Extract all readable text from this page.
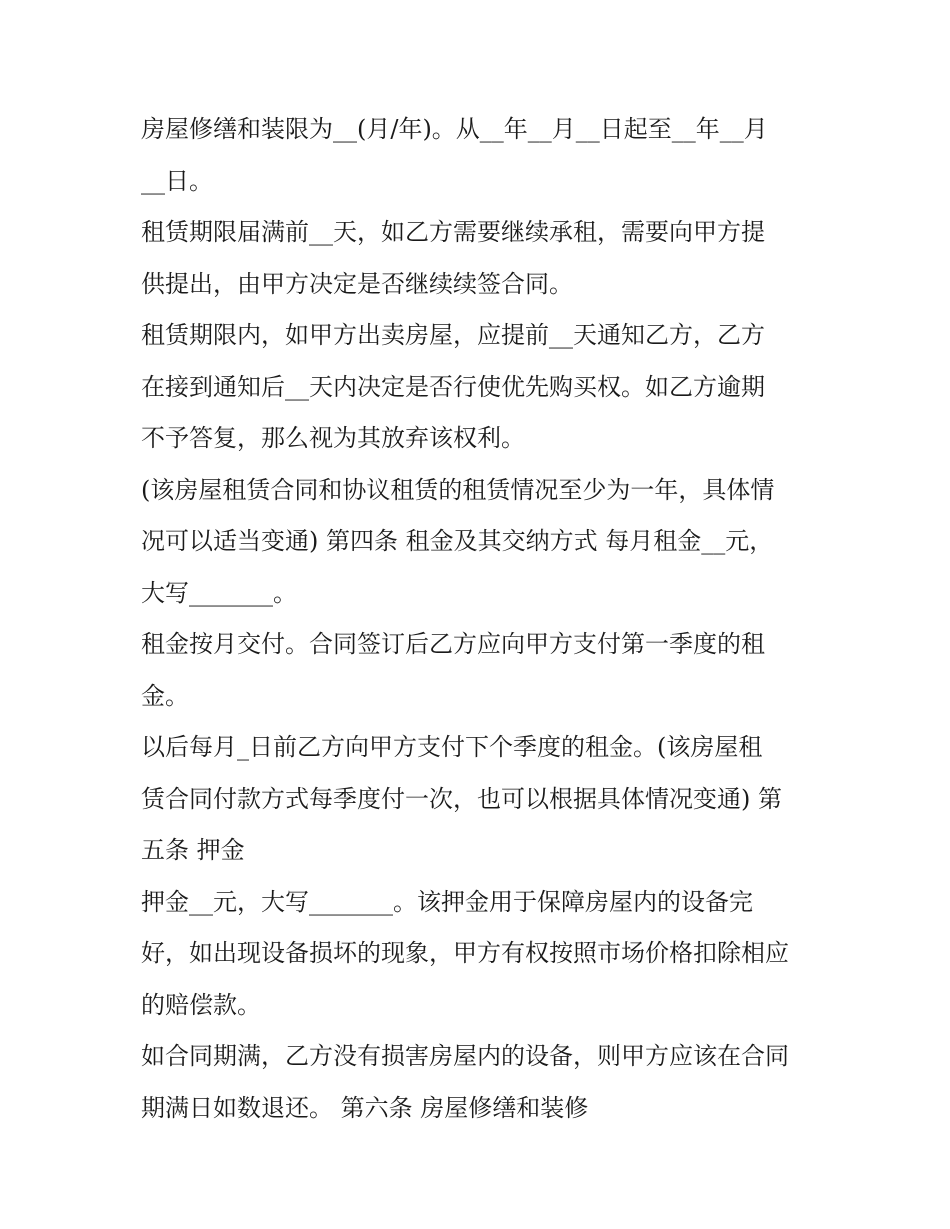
房屋修缮和装限为__(月/年)。从__年__月__日起至__年__月
__日。
租赁期限届满前__天，如乙方需要继续承租，需要向甲方提
供提出，由甲方决定是否继续续签合同。
租赁期限内，如甲方出卖房屋，应提前__天通知乙方，乙方
在接到通知后__天内决定是否行使优先购买权。如乙方逾期
不予答复，那么视为其放弃该权利。
(该房屋租赁合同和协议租赁的租赁情况至少为一年，具体情
况可以适当变通) 第四条 租金及其交纳方式 每月租金__元，
大写_______。
租金按月交付。合同签订后乙方应向甲方支付第一季度的租
金。
以后每月_日前乙方向甲方支付下个季度的租金。(该房屋租
赁合同付款方式每季度付一次，也可以根据具体情况变通) 第
五条 押金
押金__元，大写_______。该押金用于保障房屋内的设备完
好，如出现设备损坏的现象，甲方有权按照市场价格扣除相应
的赔偿款。
如合同期满，乙方没有损害房屋内的设备，则甲方应该在合同
期满日如数退还。 第六条 房屋修缮和装修
